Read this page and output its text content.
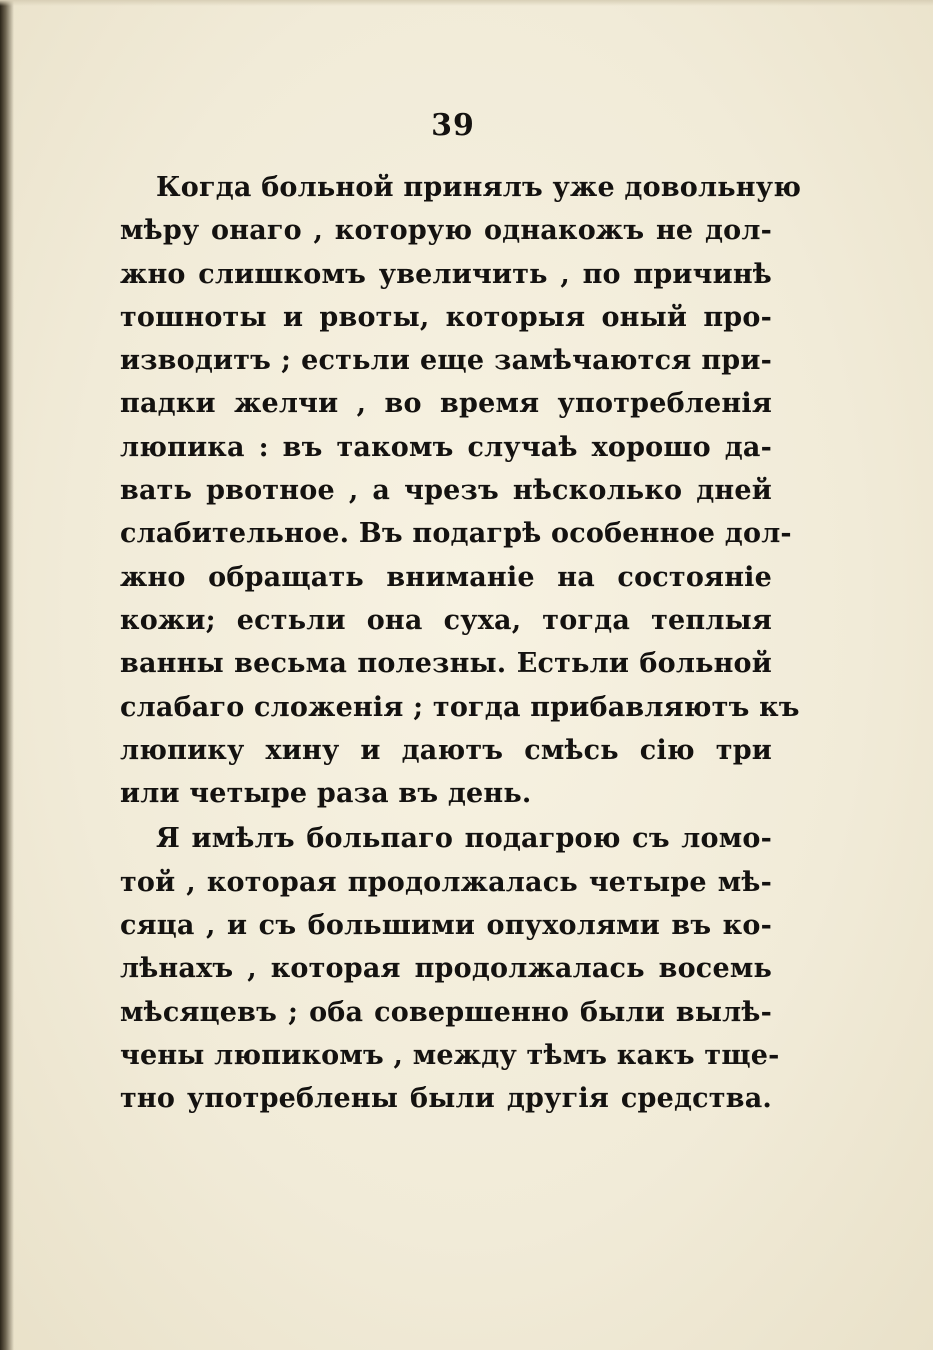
39
Когда больной принялъ уже довольную
мѣру онаго , которую однакожъ не дол-
жно слишкомъ увеличить , по причинѣ
тошноты и рвоты, которыя оный про-
изводитъ ; естьли еще замѣчаются при-
падки желчи , во время употребленія
люпика : въ такомъ случаѣ хорошо да-
вать рвотное , а чрезъ нѣсколько дней
слабительное. Въ подагрѣ особенное дол-
жно обращать вниманіе на состояніе
кожи; естьли она суха, тогда теплыя
ванны весьма полезны. Естьли больной
слабаго сложенія ; тогда прибавляютъ къ
люпику хину и даютъ смѣсь сію три
или четыре раза въ день.
Я имѣлъ больпаго подагрою съ ломо-
той , которая продолжалась четыре мѣ-
сяца , и съ большими опухолями въ ко-
лѣнахъ , которая продолжалась восемь
мѣсяцевъ ; оба совершенно были вылѣ-
чены люпикомъ , между тѣмъ какъ тще-
тно употреблены были другія средства.
